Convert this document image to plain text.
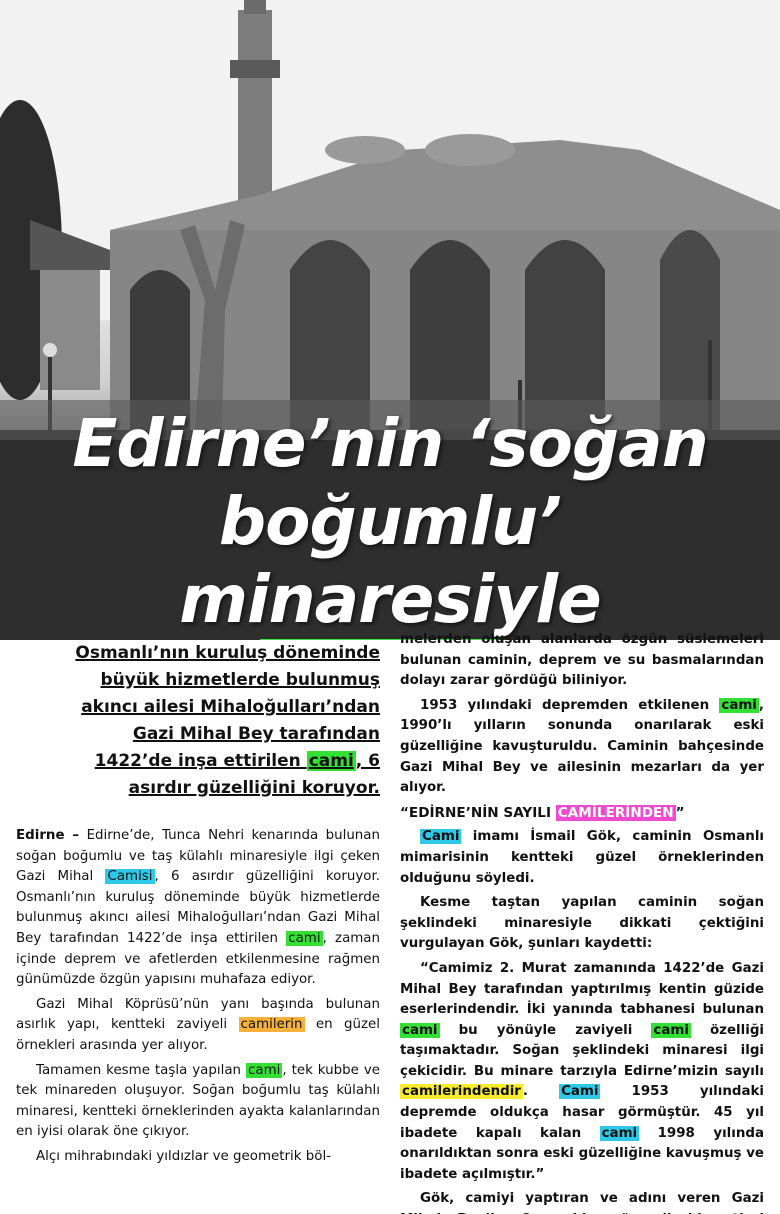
Edirne’nin ‘soğan
boğumlu’ minaresiyle
Osmanlı’nın kuruluş döneminde
büyük hizmetlerde bulunmuş
akıncı ailesi Mihaloğulları’ndan
Gazi Mihal Bey tarafından
1422’de inşa ettirilen cami , 6
asırdır güzelliğini koruyor.

Edirne – Edirne’de, Tunca Nehri kenarında bulunan soğan boğumlu ve taş külahlı minaresiyle ilgi çeken Gazi Mihal Camisi , 6 asırdır güzelliğini koruyor. Osmanlı’nın kuruluş döneminde büyük hizmetlerde bulunmuş akıncı ailesi Mihaloğulları’ndan Gazi Mihal Bey tarafından 1422’de inşa ettirilen cami , zaman içinde deprem ve afetlerden etkilenmesine rağmen günümüzde özgün yapısını muhafaza ediyor.

Gazi Mihal Köprüsü’nün yanı başında bulunan asırlık yapı, kentteki zaviyeli camilerin en güzel örnekleri arasında yer alıyor.

Tamamen kesme taşla yapılan cami , tek kubbe ve tek minareden oluşuyor. Soğan boğumlu taş külahlı minaresi, kentteki örneklerinden ayakta kalanlarından en iyisi olarak öne çıkıyor.

Alçı mihrabındaki yıldızlar ve geometrik böl-

melerden oluşan alanlarda özgün süslemeleri bulunan caminin, deprem ve su basmalarından dolayı zarar gördüğü biliniyor.

1953 yılındaki depremden etkilenen cami , 1990’lı yılların sonunda onarılarak eski güzelliğine kavuşturuldu. Caminin bahçesinde Gazi Mihal Bey ve ailesinin mezarları da yer alıyor.

“EDİRNE’NİN SAYILI CAMİLERİNDEN ”

Cami imamı İsmail Gök, caminin Osmanlı mimarisinin kentteki güzel örneklerinden olduğunu söyledi.

Kesme taştan yapılan caminin soğan şeklindeki minaresiyle dikkati çektiğini vurgulayan Gök, şunları kaydetti:

“Camimiz 2. Murat zamanında 1422’de Gazi Mihal Bey tarafından yaptırılmış kentin güzide eserlerindendir. İki yanında tabhanesi bulunan cami bu yönüyle zaviyeli cami özelliği taşımaktadır. Soğan şeklindeki minaresi ilgi çekicidir. Bu minare tarzıyla Edirne’mizin sayılı camilerindendir . Cami 1953 yılındaki depremde oldukça hasar görmüştür. 45 yıl ibadete kapalı kalan cami 1998 yılında onarıldıktan sonra eski güzelliğine kavuşmuş ve ibadete açılmıştır.”

Gök, camiyi yaptıran ve adını veren Gazi
